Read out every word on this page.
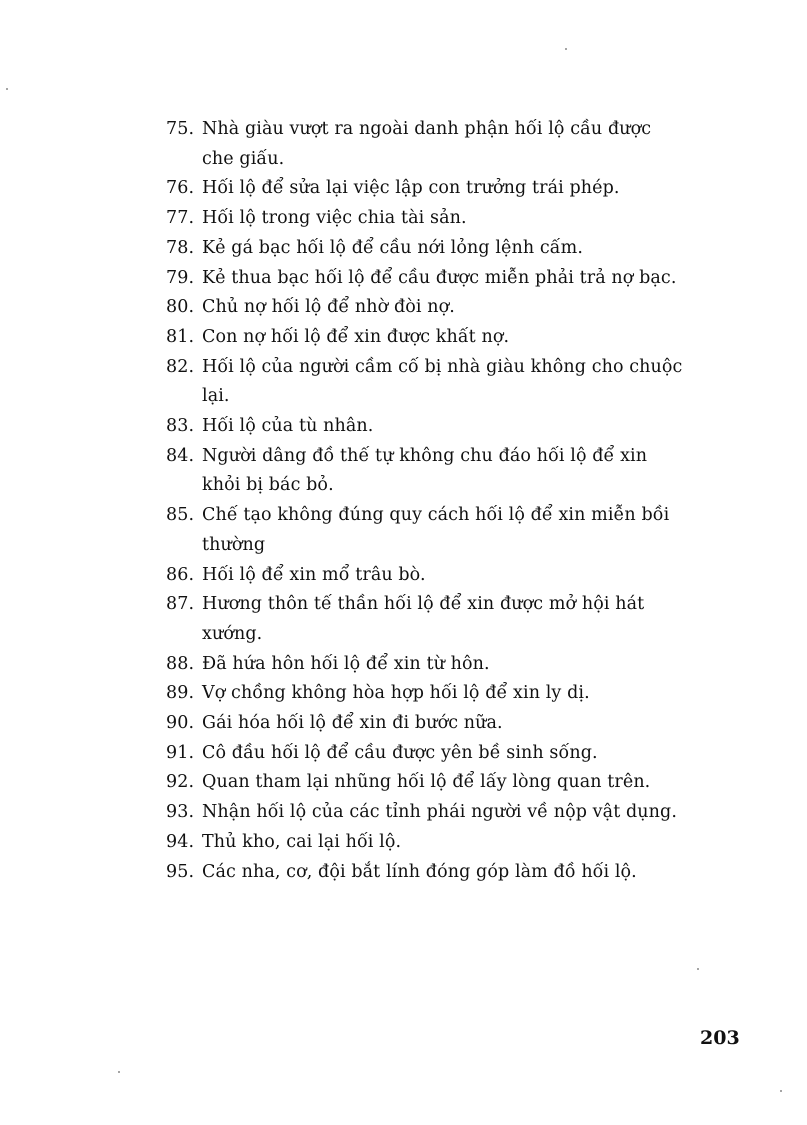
75. Nhà giàu vượt ra ngoài danh phận hối lộ cầu được che giấu.
76. Hối lộ để sửa lại việc lập con trưởng trái phép.
77. Hối lộ trong việc chia tài sản.
78. Kẻ gá bạc hối lộ để cầu nới lỏng lệnh cấm.
79. Kẻ thua bạc hối lộ để cầu được miễn phải trả nợ bạc.
80. Chủ nợ hối lộ để nhờ đòi nợ.
81. Con nợ hối lộ để xin được khất nợ.
82. Hối lộ của người cầm cố bị nhà giàu không cho chuộc lại.
83. Hối lộ của tù nhân.
84. Người dâng đồ thế tự không chu đáo hối lộ để xin khỏi bị bác bỏ.
85. Chế tạo không đúng quy cách hối lộ để xin miễn bồi thường
86. Hối lộ để xin mổ trâu bò.
87. Hương thôn tế thần hối lộ để xin được mở hội hát xướng.
88. Đã hứa hôn hối lộ để xin từ hôn.
89. Vợ chồng không hòa hợp hối lộ để xin ly dị.
90. Gái hóa hối lộ để xin đi bước nữa.
91. Cô đầu hối lộ để cầu được yên bề sinh sống.
92. Quan tham lại nhũng hối lộ để lấy lòng quan trên.
93. Nhận hối lộ của các tỉnh phái người về nộp vật dụng.
94. Thủ kho, cai lại hối lộ.
95. Các nha, cơ, đội bắt lính đóng góp làm đồ hối lộ.
203
